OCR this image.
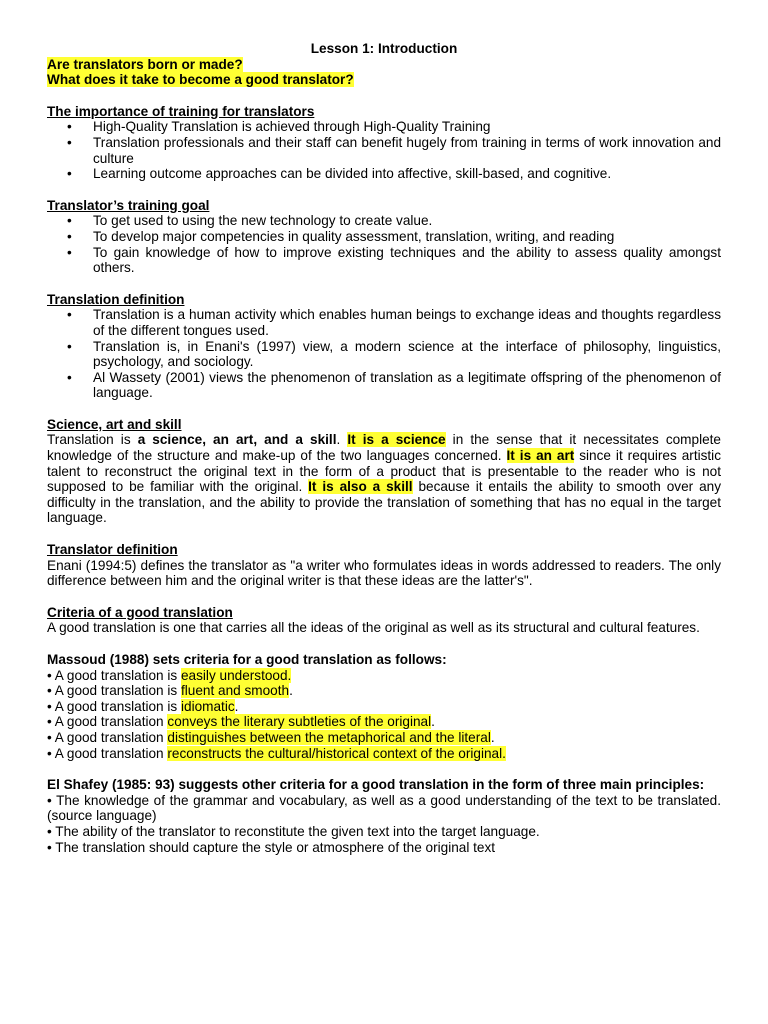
Lesson 1: Introduction
Are translators born or made?
What does it take to become a good translator?
The importance of training for translators
• High-Quality Translation is achieved through High-Quality Training
• Translation professionals and their staff can benefit hugely from training in terms of work innovation and culture
• Learning outcome approaches can be divided into affective, skill-based, and cognitive.
Translator’s training goal
• To get used to using the new technology to create value.
• To develop major competencies in quality assessment, translation, writing, and reading
• To gain knowledge of how to improve existing techniques and the ability to assess quality amongst others.
Translation definition
• Translation is a human activity which enables human beings to exchange ideas and thoughts regardless of the different tongues used.
• Translation is, in Enani's (1997) view, a modern science at the interface of philosophy, linguistics, psychology, and sociology.
• Al Wassety (2001) views the phenomenon of translation as a legitimate offspring of the phenomenon of language.
Science, art and skill
Translation is a science, an art, and a skill. It is a science in the sense that it necessitates complete knowledge of the structure and make-up of the two languages concerned. It is an art since it requires artistic talent to reconstruct the original text in the form of a product that is presentable to the reader who is not supposed to be familiar with the original. It is also a skill because it entails the ability to smooth over any difficulty in the translation, and the ability to provide the translation of something that has no equal in the target language.
Translator definition
Enani (1994:5) defines the translator as "a writer who formulates ideas in words addressed to readers. The only difference between him and the original writer is that these ideas are the latter's".
Criteria of a good translation
A good translation is one that carries all the ideas of the original as well as its structural and cultural features.
Massoud (1988) sets criteria for a good translation as follows:
• A good translation is easily understood.
• A good translation is fluent and smooth.
• A good translation is idiomatic.
• A good translation conveys the literary subtleties of the original.
• A good translation distinguishes between the metaphorical and the literal.
• A good translation reconstructs the cultural/historical context of the original.
El Shafey (1985: 93) suggests other criteria for a good translation in the form of three main principles:
• The knowledge of the grammar and vocabulary, as well as a good understanding of the text to be translated.(source language)
• The ability of the translator to reconstitute the given text into the target language.
• The translation should capture the style or atmosphere of the original text
